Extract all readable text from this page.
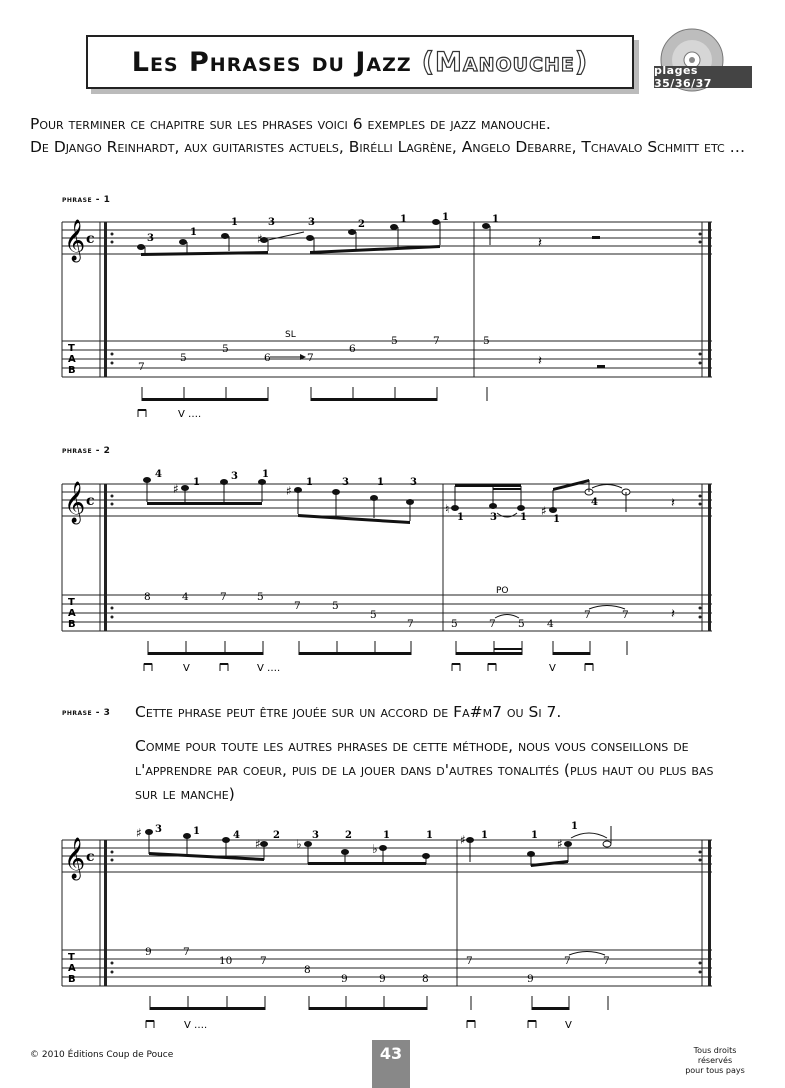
Les Phrases du Jazz (Manouche)	plages 35/36/37
Pour terminer ce chapitre sur les phrases voici 6 exemples de jazz manouche.
De Django Reinhardt, aux guitaristes actuels, Birélli Lagrène, Angelo Debarre, Tchavalo Schmitt etc …
phrase - 1
𝄞 c
T
A
B
♯	𝄽
𝄽
3
1
1	3	3	2	1	1	1
7
5
5
6	7
6
5	7	5
SL
V ….
phrase - 2
𝄞 c
T
A
B
♯	♯
♮	♯	𝄽
𝄽
4
1
3 1
1	3	1	3
1
4
3 1	1
8	4	7	5
7	5
5
7	5	7 5 4
7	7
PO
V	V
V ….
phrase - 3 Cette phrase peut être jouée sur un accord de Fa#m7 ou Si 7.

Comme pour toute les autres phrases de cette méthode, nous vous conseillons de l'apprendre par coeur, puis de la jouer dans d'autres tonalités (plus haut ou plus bas sur le manche)

𝄞 c
T
A
B
♯
♯	♭	♭
♯	♯
3	1	4	2	3	2	1	1	1	1
1
9	7
10	7
8
9	9	8
7
9
7	7
V
V ….
© 2010 Éditions Coup de Pouce	43	Tous droits réservés
pour tous pays
